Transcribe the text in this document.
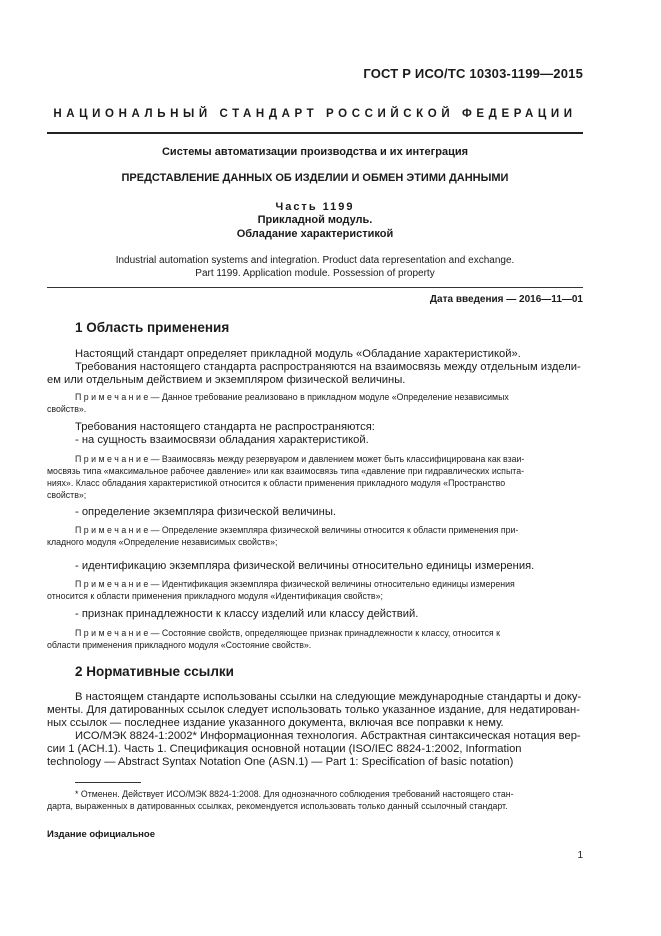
ГОСТ Р ИСО/ТС 10303-1199—2015
НАЦИОНАЛЬНЫЙ СТАНДАРТ РОССИЙСКОЙ ФЕДЕРАЦИИ
Системы автоматизации производства и их интеграция
ПРЕДСТАВЛЕНИЕ ДАННЫХ ОБ ИЗДЕЛИИ И ОБМЕН ЭТИМИ ДАННЫМИ
Часть 1199
Прикладной модуль.
Обладание характеристикой
Industrial automation systems and integration. Product data representation and exchange.
Part 1199. Application module. Possession of property
Дата введения — 2016—11—01
1 Область применения
Настоящий стандарт определяет прикладной модуль «Обладание характеристикой».
Требования настоящего стандарта распространяются на взаимосвязь между отдельным издели-
ем или отдельным действием и экземпляром физической величины.
П р и м е ч а н и е — Данное требование реализовано в прикладном модуле «Определение независимых
свойств».
Требования настоящего стандарта не распространяются:
- на сущность взаимосвязи обладания характеристикой.
П р и м е ч а н и е — Взаимосвязь между резервуаром и давлением может быть классифицирована как взаи-
мосвязь типа «максимальное рабочее давление» или как взаимосвязь типа «давление при гидравлических испыта-
ниях». Класс обладания характеристикой относится к области применения прикладного модуля «Пространство
свойств»;
- определение экземпляра физической величины.
П р и м е ч а н и е — Определение экземпляра физической величины относится к области применения при-
кладного модуля «Определение независимых свойств»;
- идентификацию экземпляра физической величины относительно единицы измерения.
П р и м е ч а н и е — Идентификация экземпляра физической величины относительно единицы измерения
относится к области применения прикладного модуля «Идентификация свойств»;
- признак принадлежности к классу изделий или классу действий.
П р и м е ч а н и е — Состояние свойств, определяющее признак принадлежности к классу, относится к
области применения прикладного модуля «Состояние свойств».
2 Нормативные ссылки
В настоящем стандарте использованы ссылки на следующие международные стандарты и доку-
менты. Для датированных ссылок следует использовать только указанное издание, для недатирован-
ных ссылок — последнее издание указанного документа, включая все поправки к нему.
ИСО/МЭК 8824-1:2002* Информационная технология. Абстрактная синтаксическая нотация вер-
сии 1 (АСН.1). Часть 1. Спецификация основной нотации (ISO/IEC 8824-1:2002, Information
technology — Abstract Syntax Notation One (ASN.1) — Part 1: Specification of basic notation)
* Отменен. Действует ИСО/МЭК 8824-1:2008. Для однозначного соблюдения требований настоящего стан-
дарта, выраженных в датированных ссылках, рекомендуется использовать только данный ссылочный стандарт.
Издание официальное
1
